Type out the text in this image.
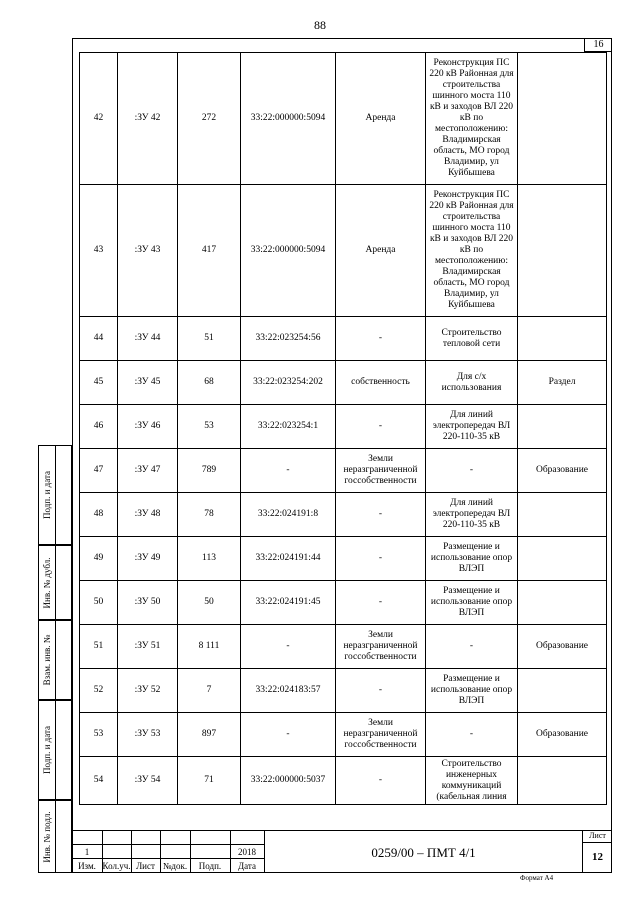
88
16
42	:ЗУ 42	272	33:22:000000:5094	Аренда	Реконструкция ПС 220 кВ Районная для строительства шинного моста 110 кВ и заходов ВЛ 220 кВ по местоположению: Владимирская область, МО город Владимир, ул Куйбышева	
43	:ЗУ 43	417	33:22:000000:5094	Аренда	Реконструкция ПС 220 кВ Районная для строительства шинного моста 110 кВ и заходов ВЛ 220 кВ по местоположению: Владимирская область, МО город Владимир, ул Куйбышева	
44	:ЗУ 44	51	33:22:023254:56	-	Строительство тепловой сети	
45	:ЗУ 45	68	33:22:023254:202	собственность	Для с/х использования	Раздел
46	:ЗУ 46	53	33:22:023254:1	-	Для линий электропередач ВЛ 220-110-35 кВ	
47	:ЗУ 47	789	-	Земли неразграниченной госсобственности	-	Образование
48	:ЗУ 48	78	33:22:024191:8	-	Для линий электропередач ВЛ 220-110-35 кВ	
49	:ЗУ 49	113	33:22:024191:44	-	Размещение и использование опор ВЛЭП	
50	:ЗУ 50	50	33:22:024191:45	-	Размещение и использование опор ВЛЭП	
51	:ЗУ 51	8 111	-	Земли неразграниченной госсобственности	-	Образование
52	:ЗУ 52	7	33:22:024183:57	-	Размещение и использование опор ВЛЭП	
53	:ЗУ 53	897	-	Земли неразграниченной госсобственности	-	Образование
54	:ЗУ 54	71	33:22:000000:5037	-	Строительство инженерных коммуникаций (кабельная линия	
Подп. и дата
Инв. № дубл.
Взам. инв. №
Подп. и дата
Инв. № подл.	1	2018
Изм. Кол.уч. Лист №док.	Подп.	Дата
0259/00 – ПМТ 4/1
Лист
12
Формат А4
